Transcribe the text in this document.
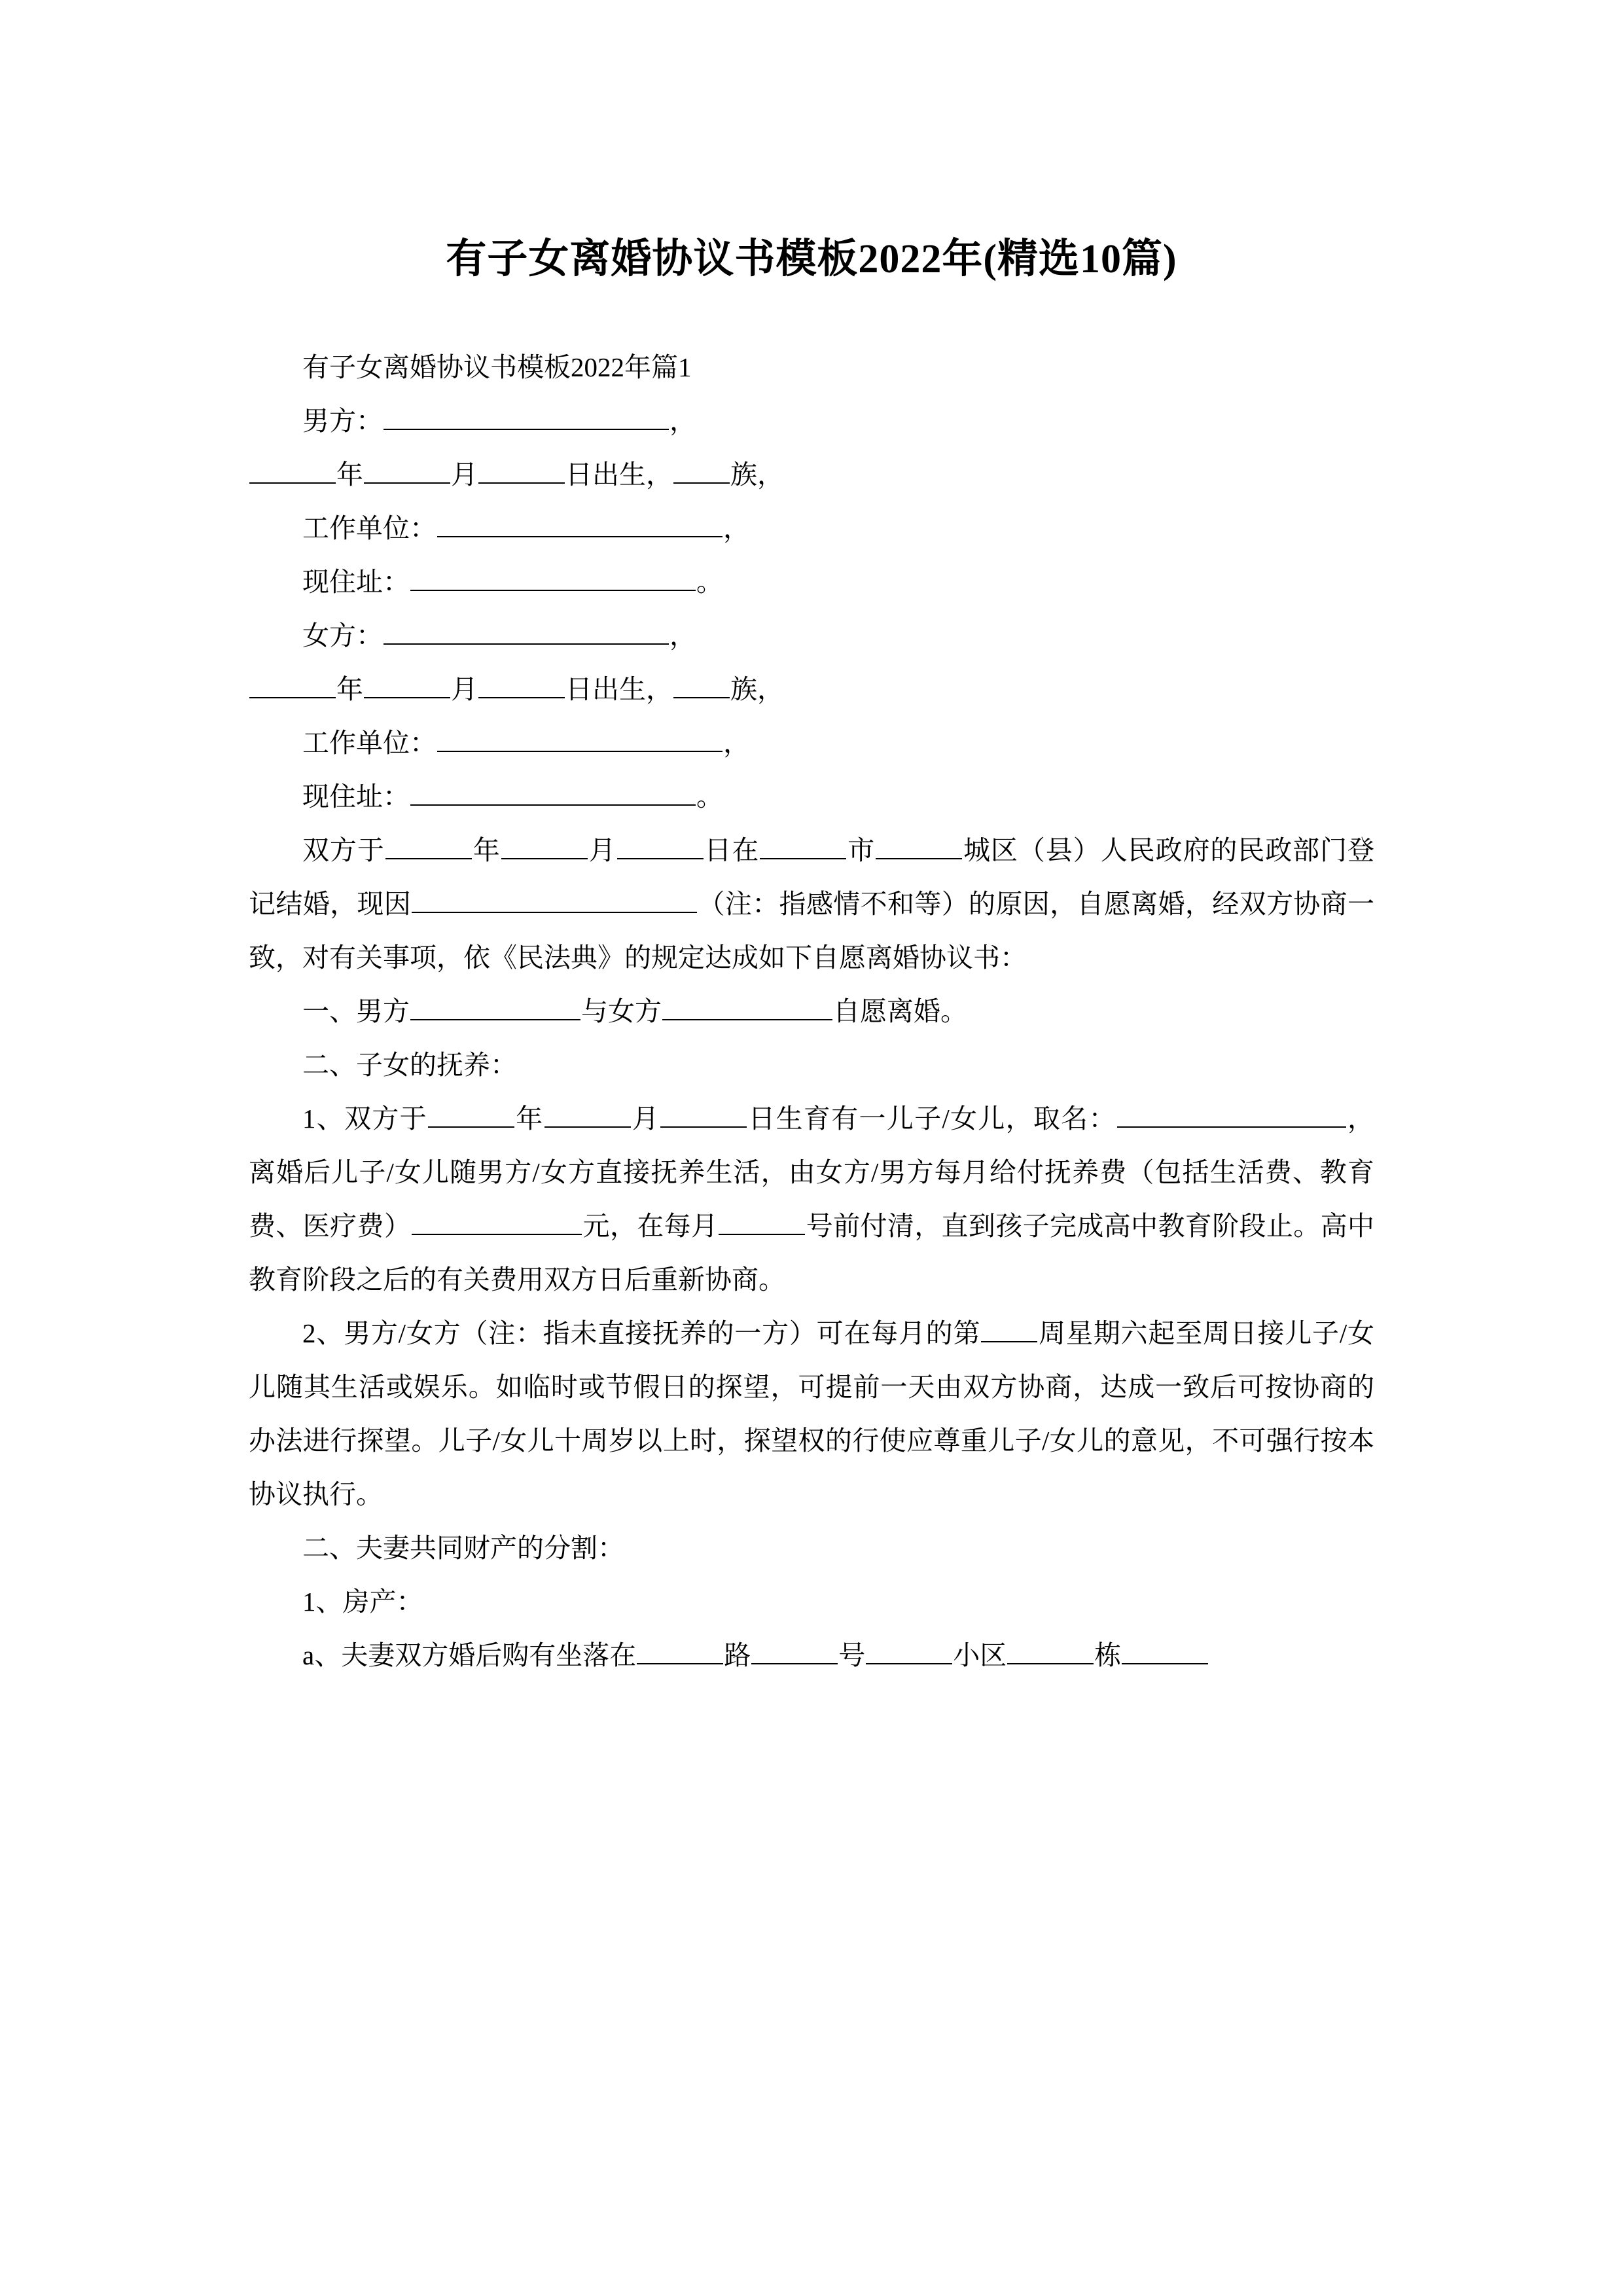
有子女离婚协议书模板2022年(精选10篇)

有子女离婚协议书模板2022年篇1

男方：	，

年	月	日出生， 族，

工作单位：	，

现住址：	。

女方：	，

年	月	日出生， 族，

工作单位：	，

现住址：	。

双方于	年	月	日在	市	城区（县）人民政府的民政部门登记结婚，现因	（注：指感情不和等）的原因，自愿离婚，经双方协商一致，对有关事项，依《民法典》的规定达成如下自愿离婚协议书：

一、男方	与女方	自愿离婚。

二、子女的抚养：

1、双方于	年	月	日生育有一儿子/女儿，取名：	，离婚后儿子/女儿随男方/女方直接抚养生活，由女方/男方每月给付抚养费（包括生活费、教育费、医疗费）	元，在每月	号前付清，直到孩子完成高中教育阶段止。高中教育阶段之后的有关费用双方日后重新协商。

2、男方/女方（注：指未直接抚养的一方）可在每月的第 周星期六起至周日接儿子/女儿随其生活或娱乐。如临时或节假日的探望，可提前一天由双方协商，达成一致后可按协商的办法进行探望。儿子/女儿十周岁以上时，探望权的行使应尊重儿子/女儿的意见，不可强行按本协议执行。

二、夫妻共同财产的分割：

1、房产：

a、夫妻双方婚后购有坐落在	路	号	小区	栋
